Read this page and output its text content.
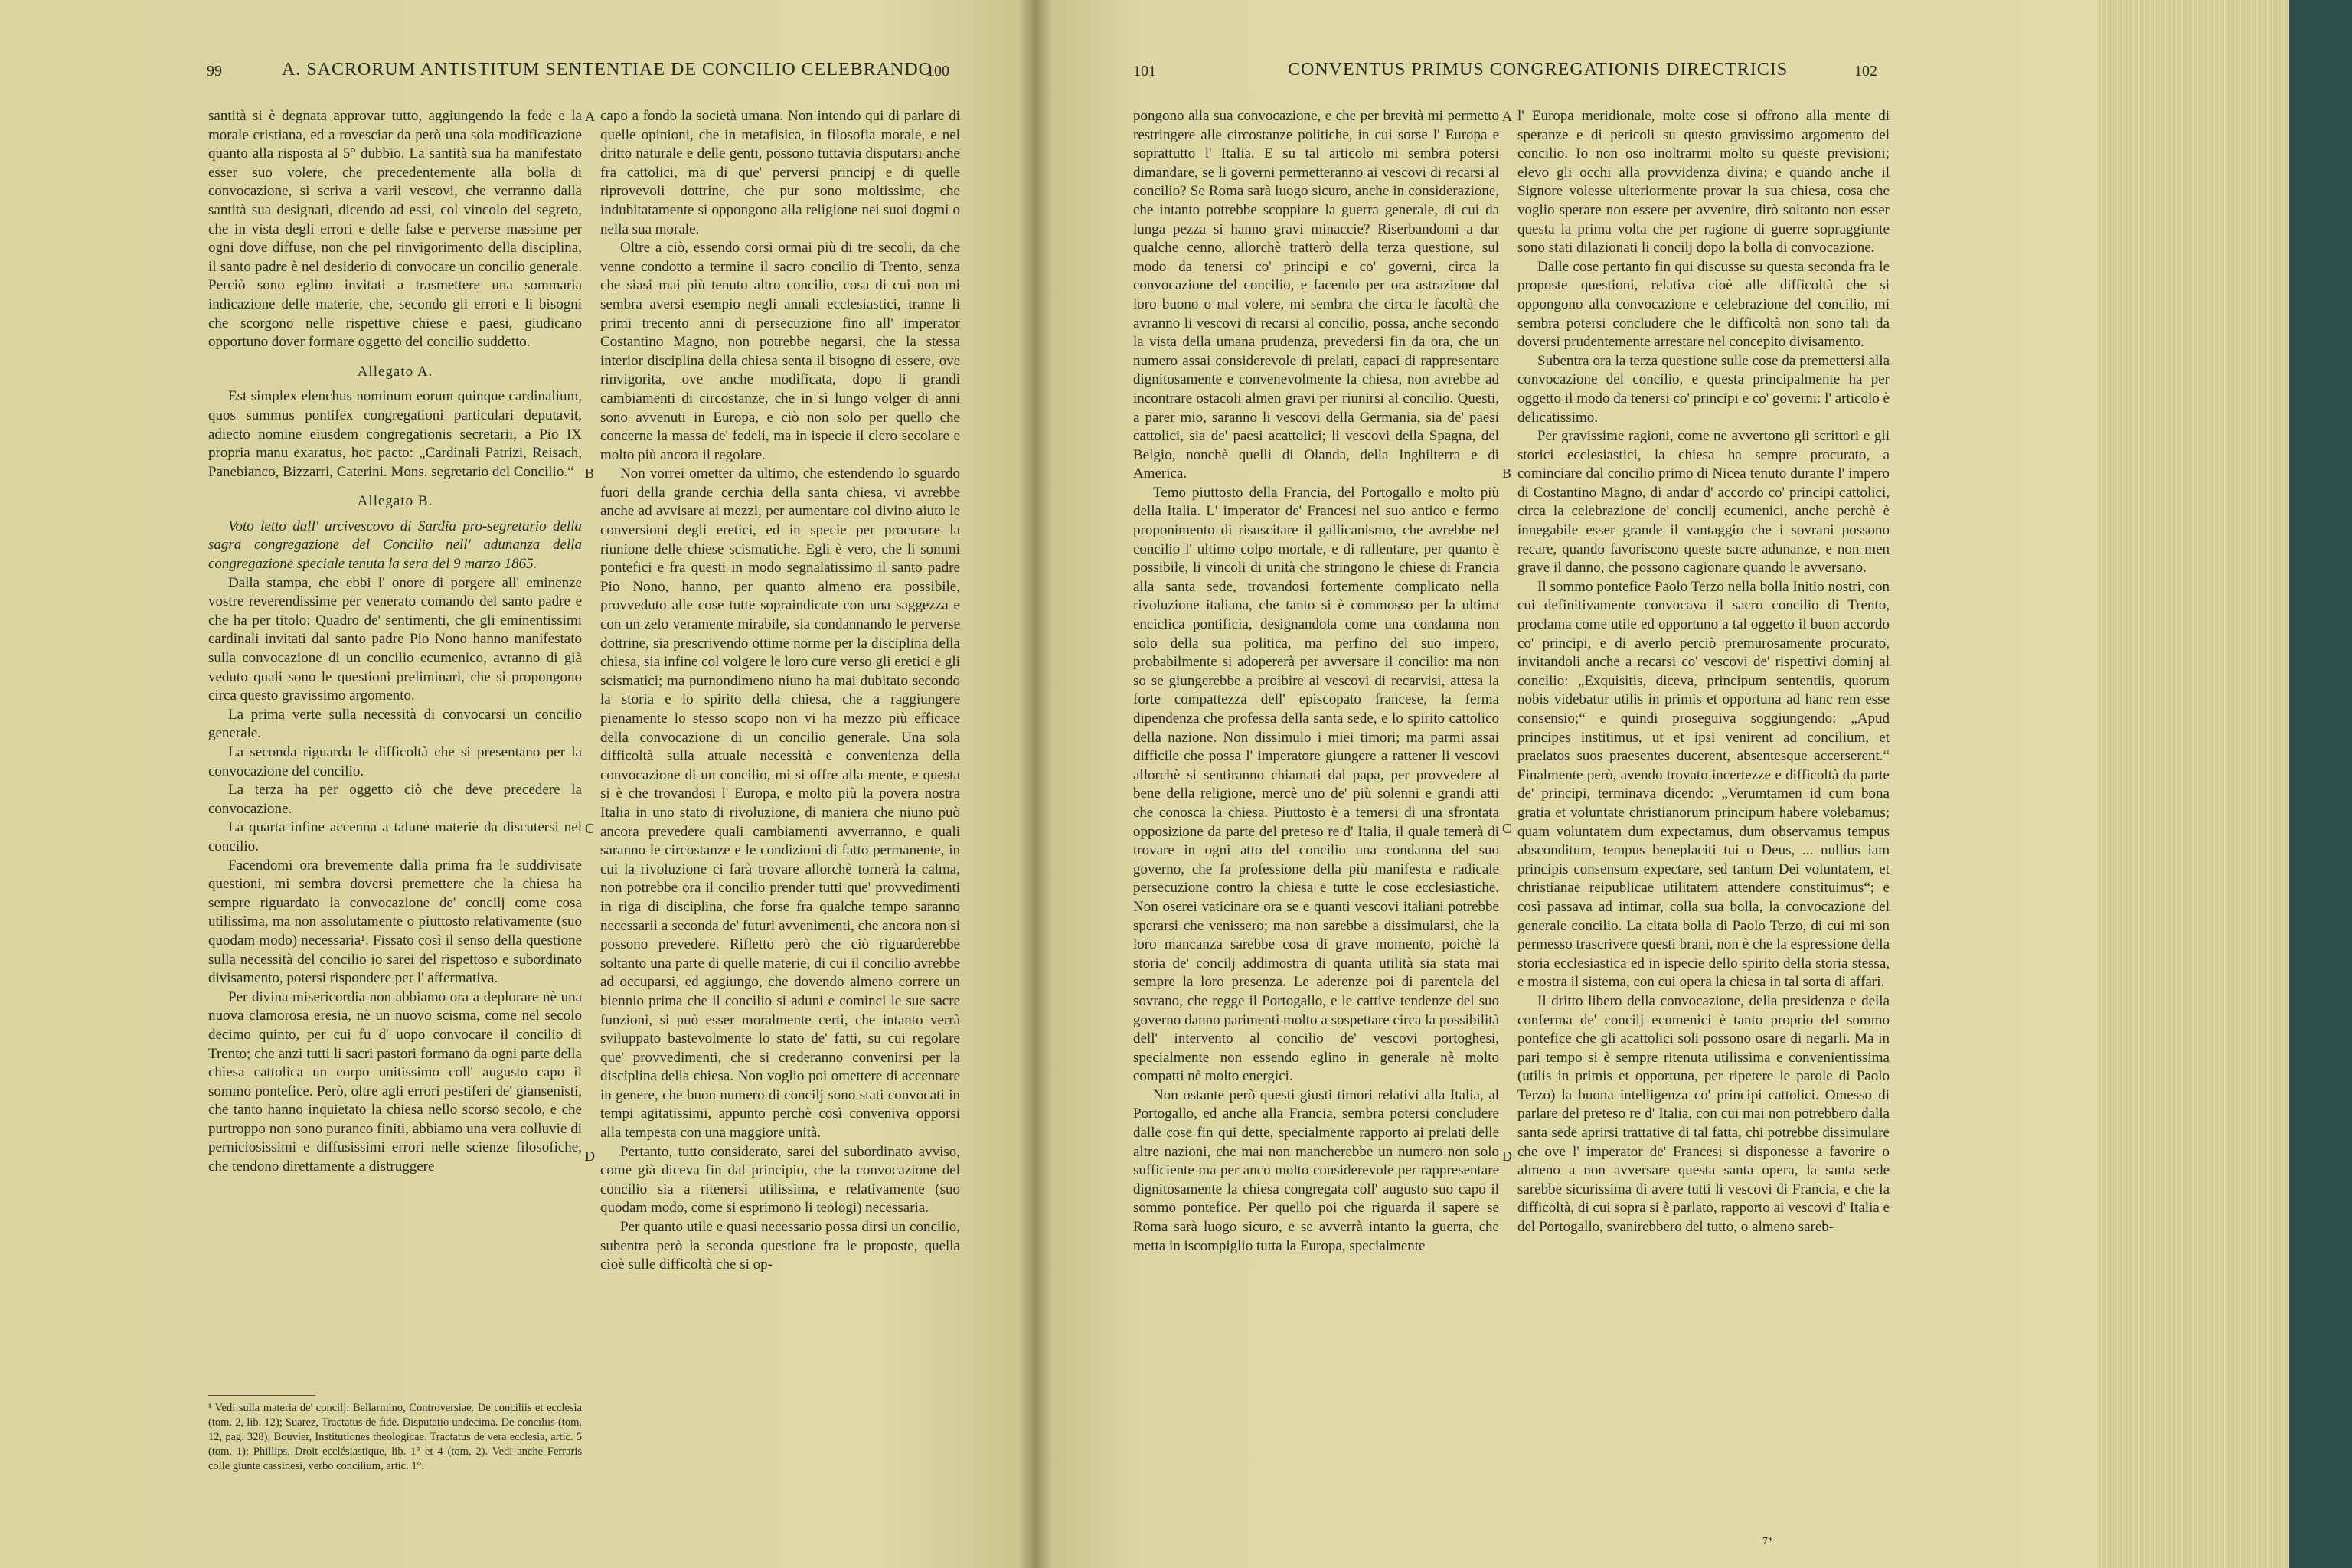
99	A. SACRORUM ANTISTITUM SENTENTIAE DE CONCILIO CELEBRANDO
100

santità si è degnata approvar tutto, aggiungendo la fede e la morale cristiana, ed a rovesciar da però una sola modificazione quanto alla risposta al 5° dubbio. La santità sua ha manifestato esser suo volere, che precedentemente alla bolla di convocazione, si scriva a varii vescovi, che verranno dalla santità sua designati, dicendo ad essi, col vincolo del segreto, che in vista degli errori e delle false e perverse massime per ogni dove diffuse, non che pel rinvigorimento della disciplina, il santo padre è nel desiderio di convocare un concilio generale. Perciò sono eglino invitati a trasmettere una sommaria indicazione delle materie, che, secondo gli errori e li bisogni che scorgono nelle rispettive chiese e paesi, giudicano opportuno dover formare oggetto del concilio suddetto.

Allegato A.

Est simplex elenchus nominum eorum quinque cardinalium, quos summus pontifex congregationi particulari deputavit, adiecto nomine eiusdem congregationis secretarii, a Pio IX propria manu exaratus, hoc pacto: „Cardinali Patrizi, Reisach, Panebianco, Bizzarri, Caterini. Mons. segretario del Concilio.“

Allegato B.

Voto letto dall' arcivescovo di Sardia pro-segretario della sagra congregazione del Concilio nell' adunanza della congregazione speciale tenuta la sera del 9 marzo 1865.

Dalla stampa, che ebbi l' onore di porgere all' eminenze vostre reverendissime per venerato comando del santo padre e che ha per titolo: Quadro de' sentimenti, che gli eminentissimi cardinali invitati dal santo padre Pio Nono hanno manifestato sulla convocazione di un concilio ecumenico, avranno di già veduto quali sono le questioni preliminari, che si propongono circa questo gravissimo argomento.

La prima verte sulla necessità di convocarsi un concilio generale.

La seconda riguarda le difficoltà che si presentano per la convocazione del concilio.

La terza ha per oggetto ciò che deve precedere la convocazione.

La quarta infine accenna a talune materie da discutersi nel concilio.

Facendomi ora brevemente dalla prima fra le suddivisate questioni, mi sembra doversi premettere che la chiesa ha sempre riguardato la convocazione de' concilj come cosa utilissima, ma non assolutamente o piuttosto relativamente (suo quodam modo) necessaria¹. Fissato così il senso della questione sulla necessità del concilio io sarei del rispettoso e subordinato divisamento, potersi rispondere per l' affermativa.

Per divina misericordia non abbiamo ora a deplorare nè una nuova clamorosa eresia, nè un nuovo scisma, come nel secolo decimo quinto, per cui fu d' uopo convocare il concilio di Trento; che anzi tutti li sacri pastori formano da ogni parte della chiesa cattolica un corpo unitissimo coll' augusto capo il sommo pontefice. Però, oltre agli errori pestiferi de' giansenisti, che tanto hanno inquietato la chiesa nello scorso secolo, e che purtroppo non sono puranco finiti, abbiamo una vera colluvie di perniciosissimi e diffusissimi errori nelle scienze filosofiche, che tendono direttamente a distruggere

¹ Vedi sulla materia de' concilj: Bellarmino, Controversiae. De conciliis et ecclesia (tom. 2, lib. 12); Suarez, Tractatus de fide. Disputatio undecima. De conciliis (tom. 12, pag. 328); Bouvier, Institutiones theologicae. Tractatus de vera ecclesia, artic. 5 (tom. 1); Phillips, Droit ecclésiastique, lib. 1° et 4 (tom. 2). Vedi anche Ferraris colle giunte cassinesi, verbo concilium, artic. 1°.
A
B
C
D

capo a fondo la società umana. Non intendo qui di parlare di quelle opinioni, che in metafisica, in filosofia morale, e nel dritto naturale e delle genti, possono tuttavia disputarsi anche fra cattolici, ma di que' perversi principj e di quelle riprovevoli dottrine, che pur sono moltissime, che indubitatamente si oppongono alla religione nei suoi dogmi o nella sua morale.

Oltre a ciò, essendo corsi ormai più di tre secoli, da che venne condotto a termine il sacro concilio di Trento, senza che siasi mai più tenuto altro concilio, cosa di cui non mi sembra aversi esempio negli annali ecclesiastici, tranne li primi trecento anni di persecuzione fino all' imperator Costantino Magno, non potrebbe negarsi, che la stessa interior disciplina della chiesa senta il bisogno di essere, ove rinvigorita, ove anche modificata, dopo li grandi cambiamenti di circostanze, che in sì lungo volger di anni sono avvenuti in Europa, e ciò non solo per quello che concerne la massa de' fedeli, ma in ispecie il clero secolare e molto più ancora il regolare.

Non vorrei ometter da ultimo, che estendendo lo sguardo fuori della grande cerchia della santa chiesa, vi avrebbe anche ad avvisare ai mezzi, per aumentare col divino aiuto le conversioni degli eretici, ed in specie per procurare la riunione delle chiese scismatiche. Egli è vero, che li sommi pontefici e fra questi in modo segnalatissimo il santo padre Pio Nono, hanno, per quanto almeno era possibile, provveduto alle cose tutte sopraindicate con una saggezza e con un zelo veramente mirabile, sia condannando le perverse dottrine, sia prescrivendo ottime norme per la disciplina della chiesa, sia infine col volgere le loro cure verso gli eretici e gli scismatici; ma purnondimeno niuno ha mai dubitato secondo la storia e lo spirito della chiesa, che a raggiungere pienamente lo stesso scopo non vi ha mezzo più efficace della convocazione di un concilio generale. Una sola difficoltà sulla attuale necessità e convenienza della convocazione di un concilio, mi si offre alla mente, e questa si è che trovandosi l' Europa, e molto più la povera nostra Italia in uno stato di rivoluzione, di maniera che niuno può ancora prevedere quali cambiamenti avverranno, e quali saranno le circostanze e le condizioni di fatto permanente, in cui la rivoluzione ci farà trovare allorchè tornerà la calma, non potrebbe ora il concilio prender tutti que' provvedimenti in riga di disciplina, che forse fra qualche tempo saranno necessarii a seconda de' futuri avvenimenti, che ancora non si possono prevedere. Rifletto però che ciò riguarderebbe soltanto una parte di quelle materie, di cui il concilio avrebbe ad occuparsi, ed aggiungo, che dovendo almeno correre un biennio prima che il concilio si aduni e cominci le sue sacre funzioni, si può esser moralmente certi, che intanto verrà sviluppato bastevolmente lo stato de' fatti, su cui regolare que' provvedimenti, che si crederanno convenirsi per la disciplina della chiesa. Non voglio poi omettere di accennare in genere, che buon numero di concilj sono stati convocati in tempi agitatissimi, appunto perchè così conveniva opporsi alla tempesta con una maggiore unità.

Pertanto, tutto considerato, sarei del subordinato avviso, come già diceva fin dal principio, che la convocazione del concilio sia a ritenersi utilissima, e relativamente (suo quodam modo, come si esprimono li teologi) necessaria.

Per quanto utile e quasi necessario possa dirsi un concilio, subentra però la seconda questione fra le proposte, quella cioè sulle difficoltà che si op-

101	CONVENTUS PRIMUS CONGREGATIONIS DIRECTRICIS	102

pongono alla sua convocazione, e che per brevità mi permetto restringere alle circostanze politiche, in cui sorse l' Europa e soprattutto l' Italia. E su tal articolo mi sembra potersi dimandare, se li governi permetteranno ai vescovi di recarsi al concilio? Se Roma sarà luogo sicuro, anche in considerazione, che intanto potrebbe scoppiare la guerra generale, di cui da lunga pezza si hanno gravi minaccie? Riserbandomi a dar qualche cenno, allorchè tratterò della terza questione, sul modo da tenersi co' principi e co' governi, circa la convocazione del concilio, e facendo per ora astrazione dal loro buono o mal volere, mi sembra che circa le facoltà che avranno li vescovi di recarsi al concilio, possa, anche secondo la vista della umana prudenza, prevedersi fin da ora, che un numero assai considerevole di prelati, capaci di rappresentare dignitosamente e convenevolmente la chiesa, non avrebbe ad incontrare ostacoli almen gravi per riunirsi al concilio. Questi, a parer mio, saranno li vescovi della Germania, sia de' paesi cattolici, sia de' paesi acattolici; li vescovi della Spagna, del Belgio, nonchè quelli di Olanda, della Inghilterra e di America.

Temo piuttosto della Francia, del Portogallo e molto più della Italia. L' imperator de' Francesi nel suo antico e fermo proponimento di risuscitare il gallicanismo, che avrebbe nel concilio l' ultimo colpo mortale, e di rallentare, per quanto è possibile, li vincoli di unità che stringono le chiese di Francia alla santa sede, trovandosi fortemente complicato nella rivoluzione italiana, che tanto si è commosso per la ultima enciclica pontificia, designandola come una condanna non solo della sua politica, ma perfino del suo impero, probabilmente si adopererà per avversare il concilio: ma non so se giungerebbe a proibire ai vescovi di recarvisi, attesa la forte compattezza dell' episcopato francese, la ferma dipendenza che professa della santa sede, e lo spirito cattolico della nazione. Non dissimulo i miei timori; ma parmi assai difficile che possa l' imperatore giungere a rattener li vescovi allorchè si sentiranno chiamati dal papa, per provvedere al bene della religione, mercè uno de' più solenni e grandi atti che conosca la chiesa. Piuttosto è a temersi di una sfrontata opposizione da parte del preteso re d' Italia, il quale temerà di trovare in ogni atto del concilio una condanna del suo governo, che fa professione della più manifesta e radicale persecuzione contro la chiesa e tutte le cose ecclesiastiche. Non oserei vaticinare ora se e quanti vescovi italiani potrebbe sperarsi che venissero; ma non sarebbe a dissimularsi, che la loro mancanza sarebbe cosa di grave momento, poichè la storia de' concilj addimostra di quanta utilità sia stata mai sempre la loro presenza. Le aderenze poi di parentela del sovrano, che regge il Portogallo, e le cattive tendenze del suo governo danno parimenti molto a sospettare circa la possibilità dell' intervento al concilio de' vescovi portoghesi, specialmente non essendo eglino in generale nè molto compatti nè molto energici.

Non ostante però questi giusti timori relativi alla Italia, al Portogallo, ed anche alla Francia, sembra potersi concludere dalle cose fin qui dette, specialmente rapporto ai prelati delle altre nazioni, che mai non mancherebbe un numero non solo sufficiente ma per anco molto considerevole per rappresentare dignitosamente la chiesa congregata coll' augusto suo capo il sommo pontefice. Per quello poi che riguarda il sapere se Roma sarà luogo sicuro, e se avverrà intanto la guerra, che metta in iscompiglio tutta la Europa, specialmente

A
B
C
D

l' Europa meridionale, molte cose si offrono alla mente di speranze e di pericoli su questo gravissimo argomento del concilio. Io non oso inoltrarmi molto su queste previsioni; elevo gli occhi alla provvidenza divina; e quando anche il Signore volesse ulteriormente provar la sua chiesa, cosa che voglio sperare non essere per avvenire, dirò soltanto non esser questa la prima volta che per ragione di guerre sopraggiunte sono stati dilazionati li concilj dopo la bolla di convocazione.

Dalle cose pertanto fin qui discusse su questa seconda fra le proposte questioni, relativa cioè alle difficoltà che si oppongono alla convocazione e celebrazione del concilio, mi sembra potersi concludere che le difficoltà non sono tali da doversi prudentemente arrestare nel concepito divisamento.

Subentra ora la terza questione sulle cose da premettersi alla convocazione del concilio, e questa principalmente ha per oggetto il modo da tenersi co' principi e co' governi: l' articolo è delicatissimo.

Per gravissime ragioni, come ne avvertono gli scrittori e gli storici ecclesiastici, la chiesa ha sempre procurato, a cominciare dal concilio primo di Nicea tenuto durante l' impero di Costantino Magno, di andar d' accordo co' principi cattolici, circa la celebrazione de' concilj ecumenici, anche perchè è innegabile esser grande il vantaggio che i sovrani possono recare, quando favoriscono queste sacre adunanze, e non men grave il danno, che possono cagionare quando le avversano.

Il sommo pontefice Paolo Terzo nella bolla Initio nostri, con cui definitivamente convocava il sacro concilio di Trento, proclama come utile ed opportuno a tal oggetto il buon accordo co' principi, e di averlo perciò premurosamente procurato, invitandoli anche a recarsi co' vescovi de' rispettivi dominj al concilio: „Exquisitis, diceva, principum sententiis, quorum nobis videbatur utilis in primis et opportuna ad hanc rem esse consensio;“ e quindi proseguiva soggiungendo: „Apud principes institimus, ut et ipsi venirent ad concilium, et praelatos suos praesentes ducerent, absentesque accerserent.“ Finalmente però, avendo trovato incertezze e difficoltà da parte de' principi, terminava dicendo: „Verumtamen id cum bona gratia et voluntate christianorum principum habere volebamus; quam voluntatem dum expectamus, dum observamus tempus absconditum, tempus beneplaciti tui o Deus, ... nullius iam principis consensum expectare, sed tantum Dei voluntatem, et christianae reipublicae utilitatem attendere constituimus“; e così passava ad intimar, colla sua bolla, la convocazione del generale concilio. La citata bolla di Paolo Terzo, di cui mi son permesso trascrivere questi brani, non è che la espressione della storia ecclesiastica ed in ispecie dello spirito della storia stessa, e mostra il sistema, con cui opera la chiesa in tal sorta di affari.

Il dritto libero della convocazione, della presidenza e della conferma de' concilj ecumenici è tanto proprio del sommo pontefice che gli acattolici soli possono osare di negarli. Ma in pari tempo si è sempre ritenuta utilissima e convenientissima (utilis in primis et opportuna, per ripetere le parole di Paolo Terzo) la buona intelligenza co' principi cattolici. Omesso di parlare del preteso re d' Italia, con cui mai non potrebbero dalla santa sede aprirsi trattative di tal fatta, chi potrebbe dissimulare che ove l' imperator de' Francesi si disponesse a favorire o almeno a non avversare questa santa opera, la santa sede sarebbe sicurissima di avere tutti li vescovi di Francia, e che la difficoltà, di cui sopra si è parlato, rapporto ai vescovi d' Italia e del Portogallo, svanirebbero del tutto, o almeno sareb-

7*
